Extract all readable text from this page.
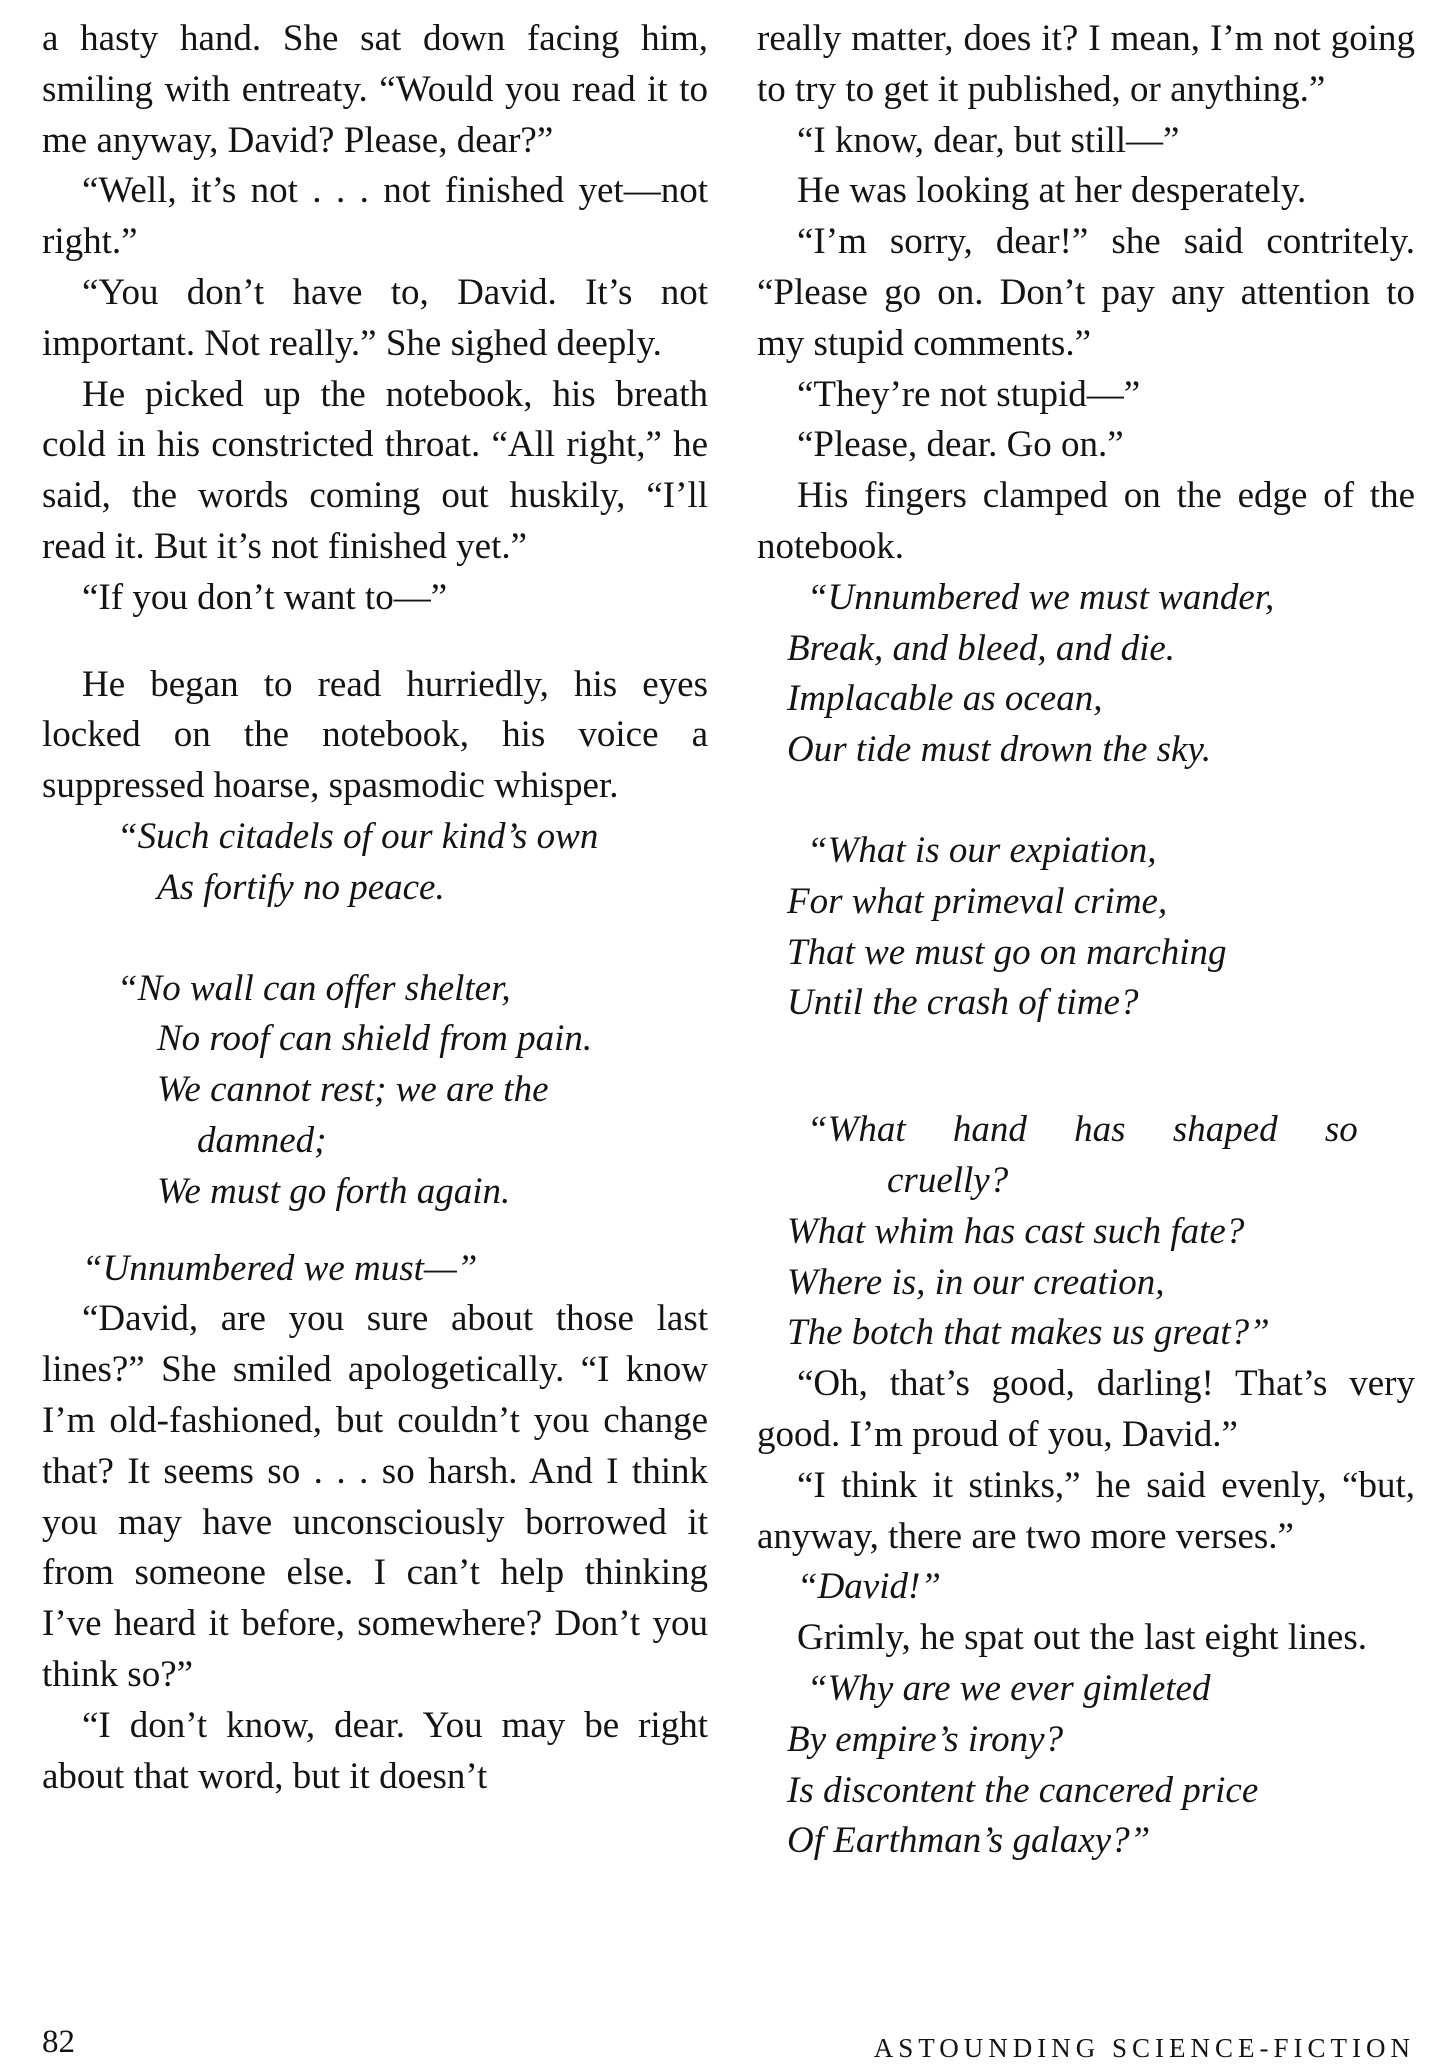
a hasty hand. She sat down facing him, smiling with entreaty. “Would you read it to me anyway, David? Please, dear?”

“Well, it’s not . . . not finished yet—not right.”

“You don’t have to, David. It’s not important. Not really.” She sighed deeply.

He picked up the notebook, his breath cold in his constricted throat. “All right,” he said, the words coming out huskily, “I’ll read it. But it’s not finished yet.”

“If you don’t want to—”

He began to read hurriedly, his eyes locked on the notebook, his voice a suppressed hoarse, spasmodic whisper.

“Such citadels of our kind’s own
As fortify no peace.
“No wall can offer shelter,
No roof can shield from pain.
We cannot rest; we are the
damned;
We must go forth again.
“Unnumbered we must—”

“David, are you sure about those last lines?” She smiled apologetically. “I know I’m old-fashioned, but couldn’t you change that? It seems so . . . so harsh. And I think you may have unconsciously borrowed it from someone else. I can’t help thinking I’ve heard it before, somewhere? Don’t you think so?”

“I don’t know, dear. You may be right about that word, but it doesn’t

really matter, does it? I mean, I’m not going to try to get it published, or anything.”

“I know, dear, but still—”

He was looking at her desperately.

“I’m sorry, dear!” she said contritely. “Please go on. Don’t pay any attention to my stupid comments.”

“They’re not stupid—”

“Please, dear. Go on.”

His fingers clamped on the edge of the notebook.

“Unnumbered we must wander,
Break, and bleed, and die.
Implacable as ocean,
Our tide must drown the sky.
“What is our expiation,
For what primeval crime,
That we must go on marching
Until the crash of time?
“What hand has shaped so
cruelly?
What whim has cast such fate?
Where is, in our creation,
The botch that makes us great?”

“Oh, that’s good, darling! That’s very good. I’m proud of you, David.”

“I think it stinks,” he said evenly, “but, anyway, there are two more verses.”

“David!”

Grimly, he spat out the last eight lines.

“Why are we ever gimleted
By empire’s irony?
Is discontent the cancered price
Of Earthman’s galaxy?”
82	ASTOUNDING SCIENCE-FICTION
